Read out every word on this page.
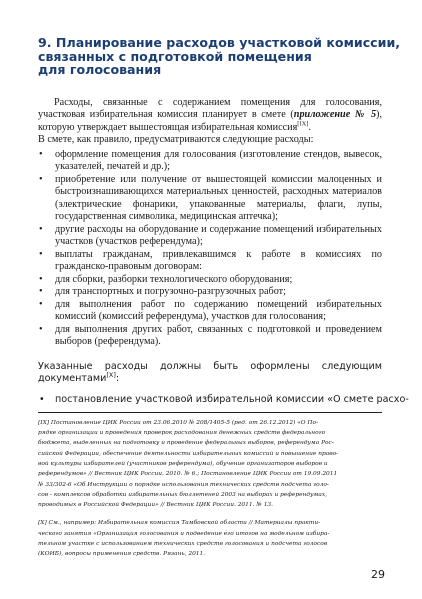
9. Планирование расходов участковой комиссии,
связанных с подготовкой помещения
для голосования

Расходы, связанные с содержанием помещения для голосования, участковая избирательная комиссия планирует в смете (приложение № 5), которую утверждает вышестоящая избирательная комиссия[IX].

В смете, как правило, предусматриваются следующие расходы:

• оформление помещения для голосования (изготовление стендов, вывесок, указателей, печатей и др.);
• приобретение или получение от вышестоящей комиссии малоценных и быстроизнашивающихся материальных ценностей, расходных материалов (электрические фонарики, упакованные материалы, флаги, лупы, государственная символика, медицинская аптечка);
• другие расходы на оборудование и содержание помещений избирательных участков (участков референдума);
• выплаты гражданам, привлекавшимся к работе в комиссиях по гражданско-правовым договорам:
• для сборки, разборки технологического оборудования;
• для транспортных и погрузочно-разгрузочных работ;
• для выполнения работ по содержанию помещений избирательных комиссий (комиссий референдума), участков для голосования;
• для выполнения других работ, связанных с подготовкой и проведением выборов (референдума).

Указанные расходы должны быть оформлены следующим документами[X]:

• постановление участковой избирательной комиссии «О смете расхо-
[IX] Постановление ЦИК России от 23.06.2010 № 208/1405-5 (ред. от 26.12.2012) «О По-
рядке организации и проведения проверок расходования денежных средств федерального
бюджета, выделенных на подготовку и проведение федеральных выборов, референдума Рос-
сийской Федерации, обеспечение деятельности избирательных комиссий и повышение право-
вой культуры избирателей (участников референдума), обучение организаторов выборов и
референдумов» // Вестник ЦИК России. 2010. № 6.; Постановление ЦИК России от 19.09.2011
№ 33/302-6 «Об Инструкции о порядке использования технических средств подсчета голо-
сов - комплексов обработки избирательных бюллетеней 2003 на выборах и референдумах,
проводимых в Российской Федерации» // Вестник ЦИК России. 2011. № 13.
[X] См., например: Избирательная комиссия Тамбовской области // Материалы практи-
ческого занятия «Организация голосования и подведение его итогов на модельном избира-
тельном участке с использованием технических средств голосования и подсчета голосов
(КОИБ), вопросы применения средств. Рязань, 2011.
29
